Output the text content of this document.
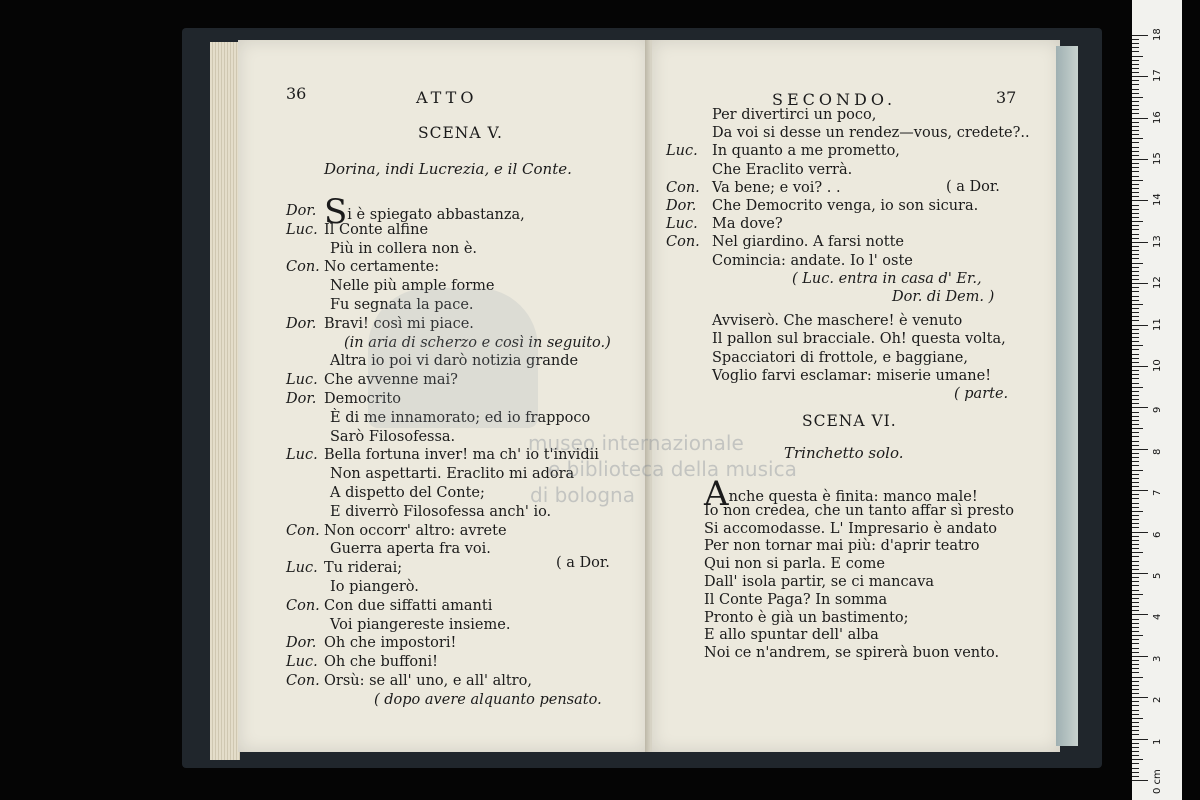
36	ATTO
SCENA V.
Dorina, indi Lucrezia, e il Conte.
Dor. Si è spiegato abbastanza,
Luc. Il Conte alfine
Più in collera non è.
Con. No certamente:
Nelle più ample forme
Fu segnata la pace.
Dor. Bravi! così mi piace.
(in aria di scherzo e così in seguito.)
Altra io poi vi darò notizia grande
Luc. Che avvenne mai?
Dor. Democrito
È di me innamorato; ed io frappoco
Sarò Filosofessa.
Luc. Bella fortuna inver! ma ch' io t'invidii
Non aspettarti. Eraclito mi adora
A dispetto del Conte;
E diverrò Filosofessa anch' io.
Con. Non occorr' altro: avrete
Guerra aperta fra voi.
Luc. Tu riderai;
Io piangerò.
Con. Con due siffatti amanti
Voi piangereste insieme.
Dor. Oh che impostori!
Luc. Oh che buffoni!
Con. Orsù: se all' uno, e all' altro,
( dopo avere alquanto pensato.
( a Dor.
SECONDO.	37
Per divertirci un poco,
Da voi si desse un rendez—vous, credete?..
Luc. In quanto a me prometto,
Che Eraclito verrà.
Con. Va bene; e voi? . .
Dor. Che Democrito venga, io son sicura.
Luc. Ma dove?
Con. Nel giardino. A farsi notte
Comincia: andate. Io l' oste
( Luc. entra in casa d' Er.,
Dor. di Dem. )
Avviserò. Che maschere! è venuto
Il pallon sul bracciale. Oh! questa volta,
Spacciatori di frottole, e baggiane,
Voglio farvi esclamar: miserie umane!
( parte.
( a Dor.
SCENA VI.
Trinchetto solo.
Anche questa è finita: manco male!
Io non credea, che un tanto affar sì presto
Si accomodasse. L' Impresario è andato
Per non tornar mai più: d'aprir teatro
Qui non si parla. E come
Dall' isola partir, se ci mancava
Il Conte Paga? In somma
Pronto è già un bastimento;
E allo spuntar dell' alba
Noi ce n'andrem, se spirerà buon vento.
museo internazionale
e biblioteca della musica
di bologna
0 cm
1
2
3
4
5
6
7
8
9
10
11
12
13
14
15
16
17
18
